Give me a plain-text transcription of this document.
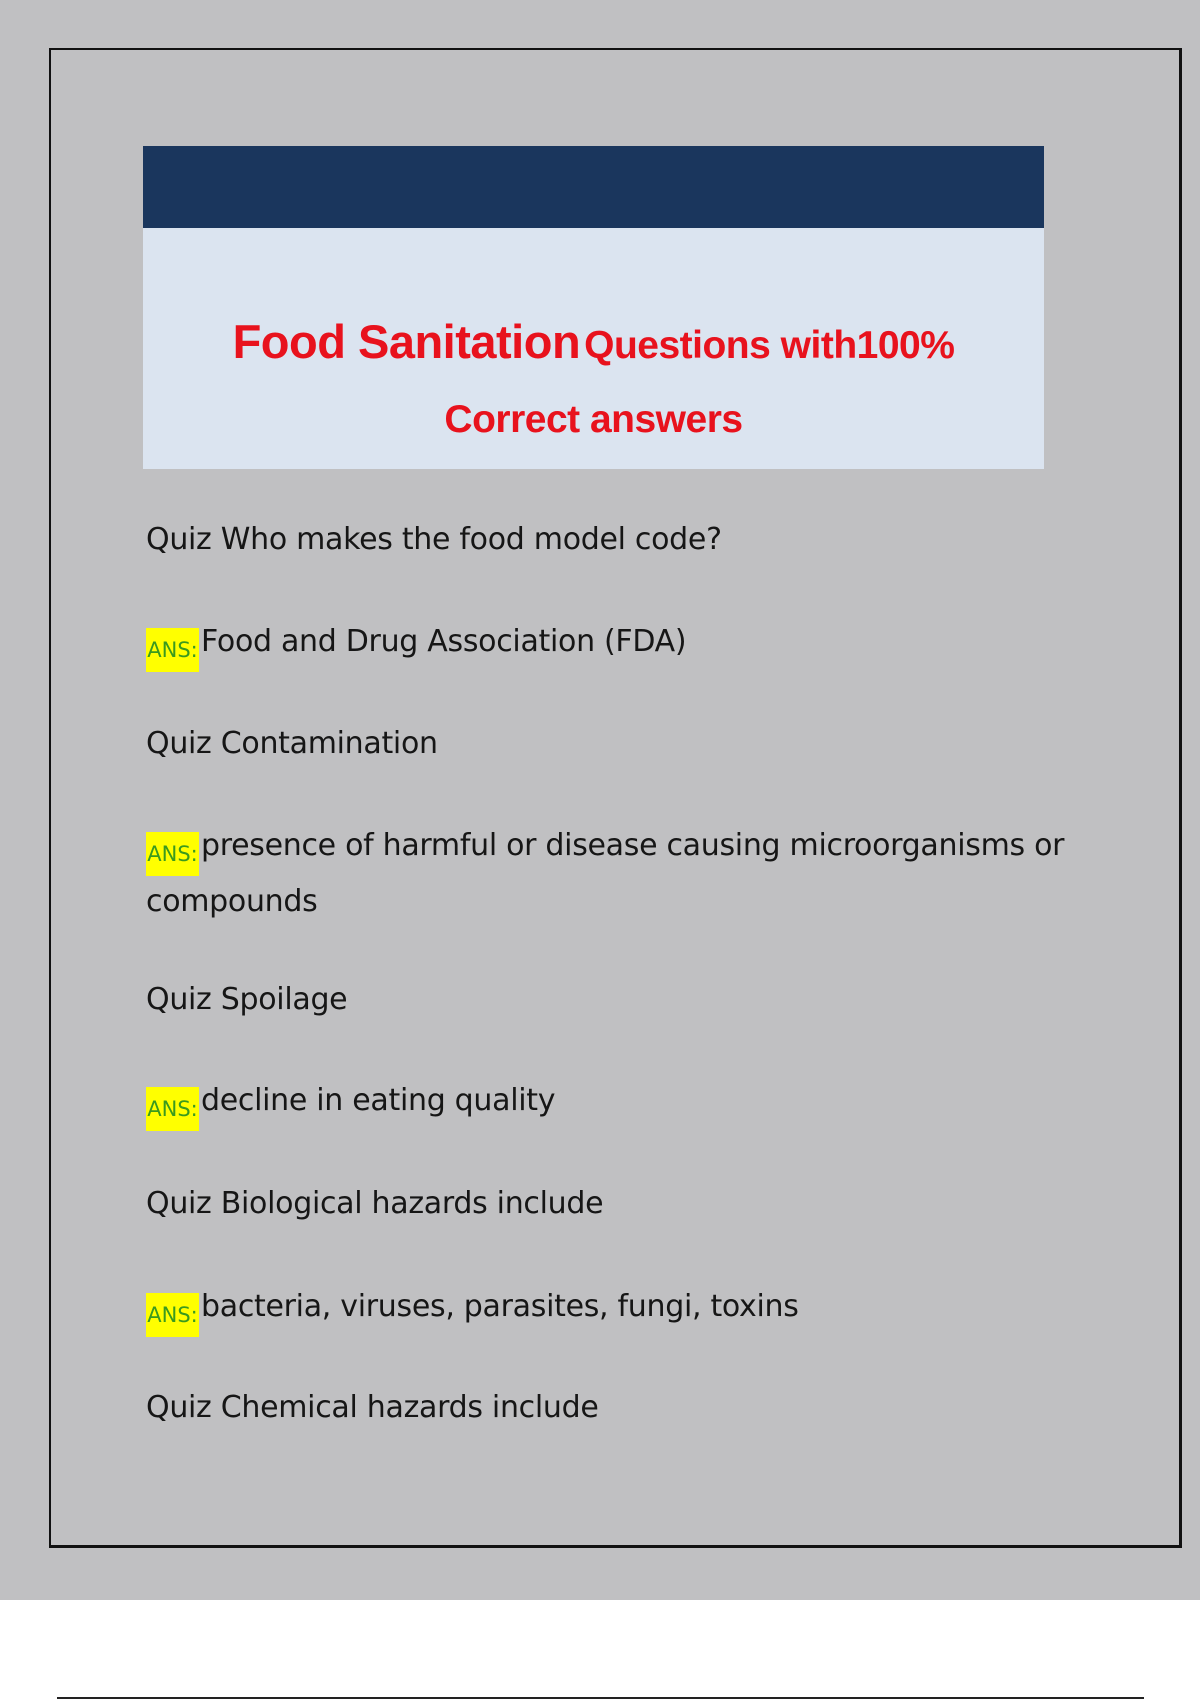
Food Sanitation Questions with100%
Correct answers
Quiz Who makes the food model code?
ANS: Food and Drug Association (FDA)
Quiz Contamination
ANS: presence of harmful or disease causing microorganisms or compounds
Quiz Spoilage
ANS: decline in eating quality
Quiz Biological hazards include
ANS: bacteria, viruses, parasites, fungi, toxins
Quiz Chemical hazards include
